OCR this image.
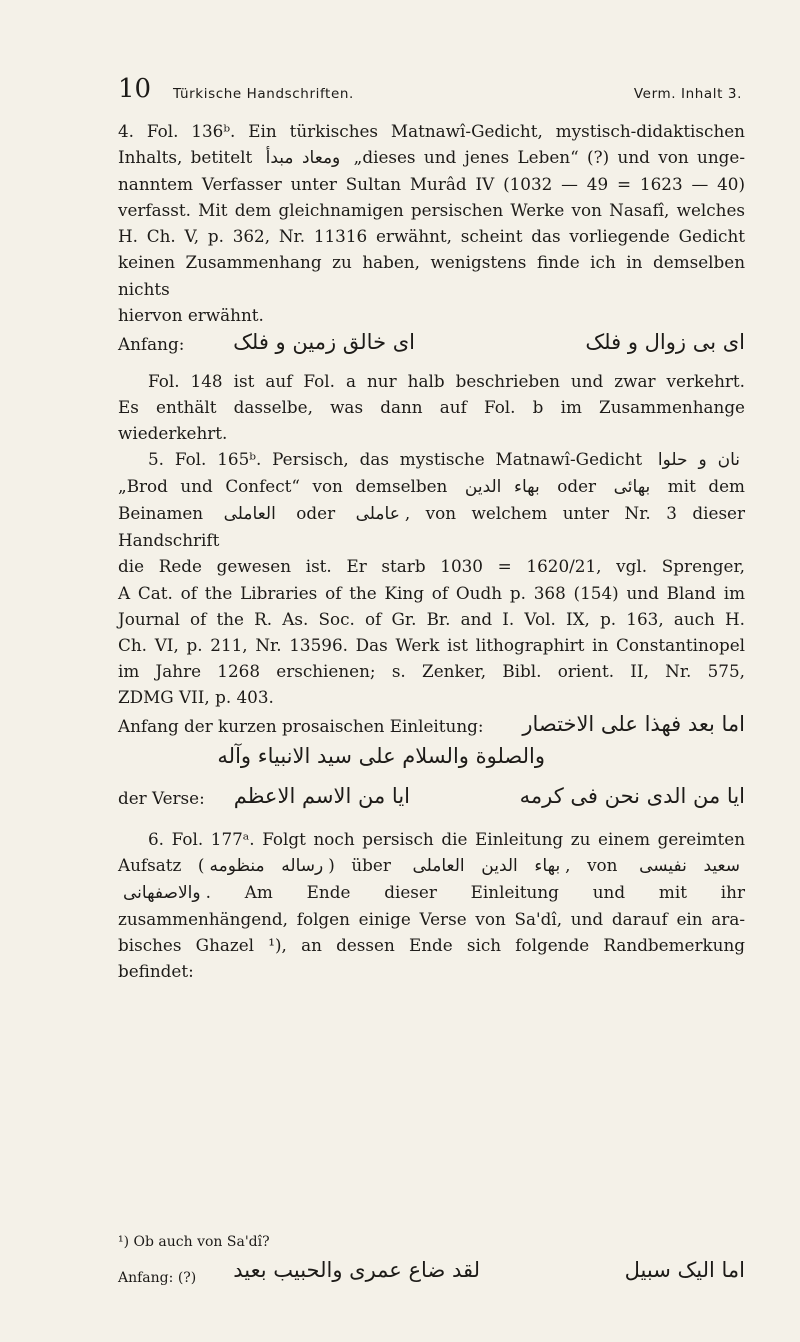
10 Türkische Handschriften.	Verm. Inhalt 3.

4. Fol. 136ᵇ. Ein türkisches Matnawî-Gedicht, mystisch-didaktischen

Inhalts, betitelt ومعاد مبدأ „dieses und jenes Leben“ (?) und von unge-

nanntem Verfasser unter Sultan Murâd IV (1032 — 49 = 1623 — 40)

verfasst. Mit dem gleichnamigen persischen Werke von Nasafî, welches

H. Ch. V, p. 362, Nr. 11316 erwähnt, scheint das vorliegende Gedicht

keinen Zusammenhang zu haben, wenigstens finde ich in demselben nichts

hiervon erwähnt.

Anfang: ای خالق زمین و فلک	ای بی زوال و فلک

Fol. 148 ist auf Fol. a nur halb beschrieben und zwar verkehrt.

Es enthält dasselbe, was dann auf Fol. b im Zusammenhange wiederkehrt.

5. Fol. 165ᵇ. Persisch, das mystische Matnawî-Gedicht نان و حلوا

„Brod und Confect“ von demselben بهاء الدین oder بهائی mit dem

Beinamen العاملی oder عاملی , von welchem unter Nr. 3 dieser Handschrift

die Rede gewesen ist. Er starb 1030 = 1620/21, vgl. Sprenger,

A Cat. of the Libraries of the King of Oudh p. 368 (154) und Bland im

Journal of the R. As. Soc. of Gr. Br. and I. Vol. IX, p. 163, auch H.

Ch. VI, p. 211, Nr. 13596. Das Werk ist lithographirt in Constantinopel

im Jahre 1268 erschienen; s. Zenker, Bibl. orient. II, Nr. 575,

ZDMG VII, p. 403.

Anfang der kurzen prosaischen Einleitung: اما بعد فهذا على الاختصار
والصلوة والسلام على سید الانبیاء وآله
der Verse: ایا من الاسم الاعظم	ایا من الدی نحن فی کرمه

6. Fol. 177ᵃ. Folgt noch persisch die Einleitung zu einem gereimten

Aufsatz ( رساله منظومه ) über بهاء الدین العاملی , von سعید نفیسی

والاصفهانی . Am Ende dieser Einleitung und mit ihr

zusammenhängend, folgen einige Verse von Sa'dî, und darauf ein ara-

bisches Ghazel ¹), an dessen Ende sich folgende Randbemerkung befindet:

¹) Ob auch von Sa'dî?
Anfang: (?) لقد ضاع عمری والحبیب بعید	اما الیک سبیل
